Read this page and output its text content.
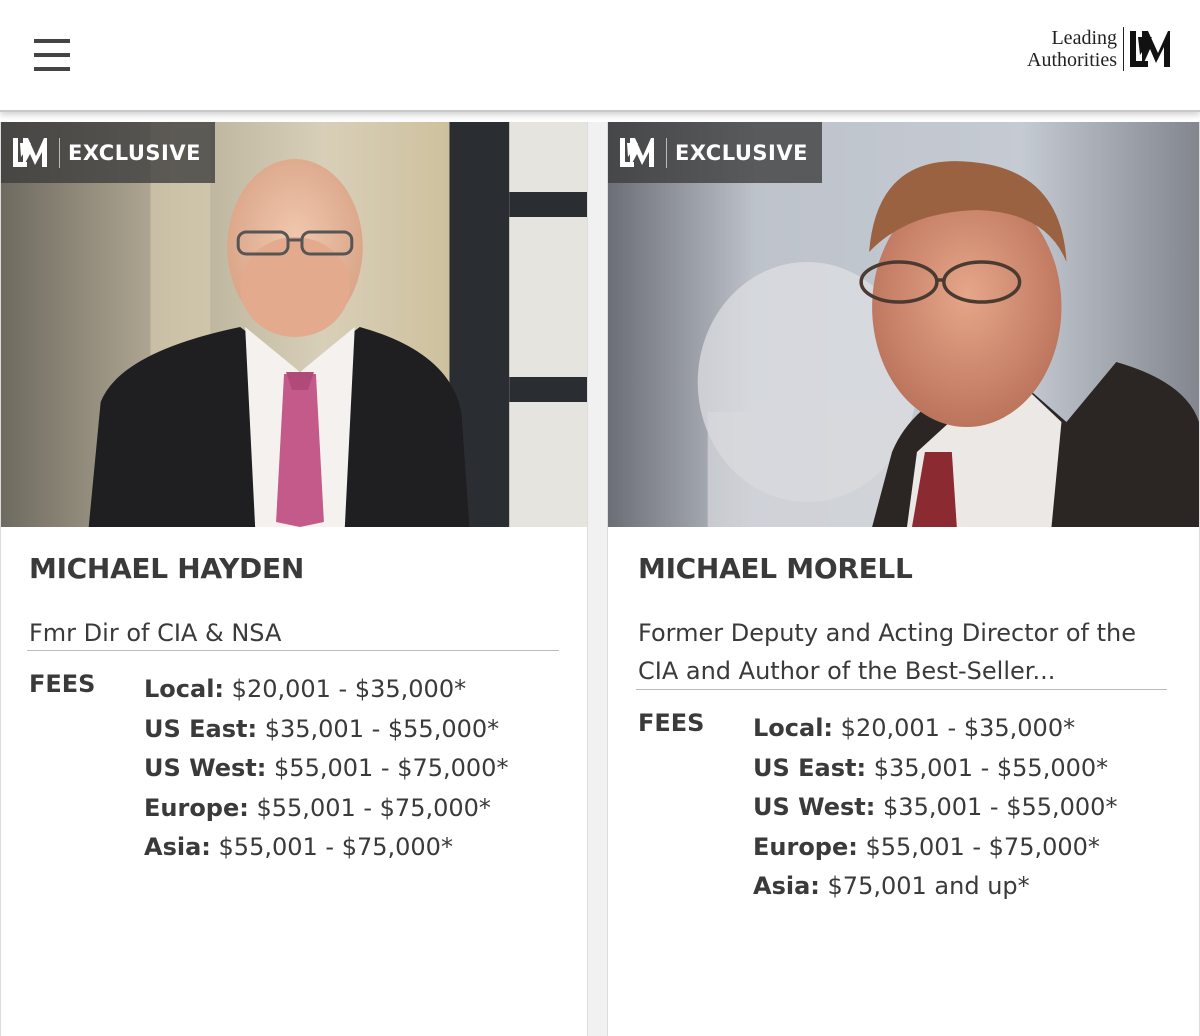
Leading
Authorities
EXCLUSIVE
MICHAEL HAYDEN
Fmr Dir of CIA & NSA
FEES Local: $20,001 - $35,000*
US East: $35,001 - $55,000*
US West: $55,001 - $75,000*
Europe: $55,001 - $75,000*
Asia: $55,001 - $75,000*
EXCLUSIVE
MICHAEL MORELL
Former Deputy and Acting Director of the
CIA and Author of the Best-Seller...
FEES Local: $20,001 - $35,000*
US East: $35,001 - $55,000*
US West: $35,001 - $55,000*
Europe: $55,001 - $75,000*
Asia: $75,001 and up*
